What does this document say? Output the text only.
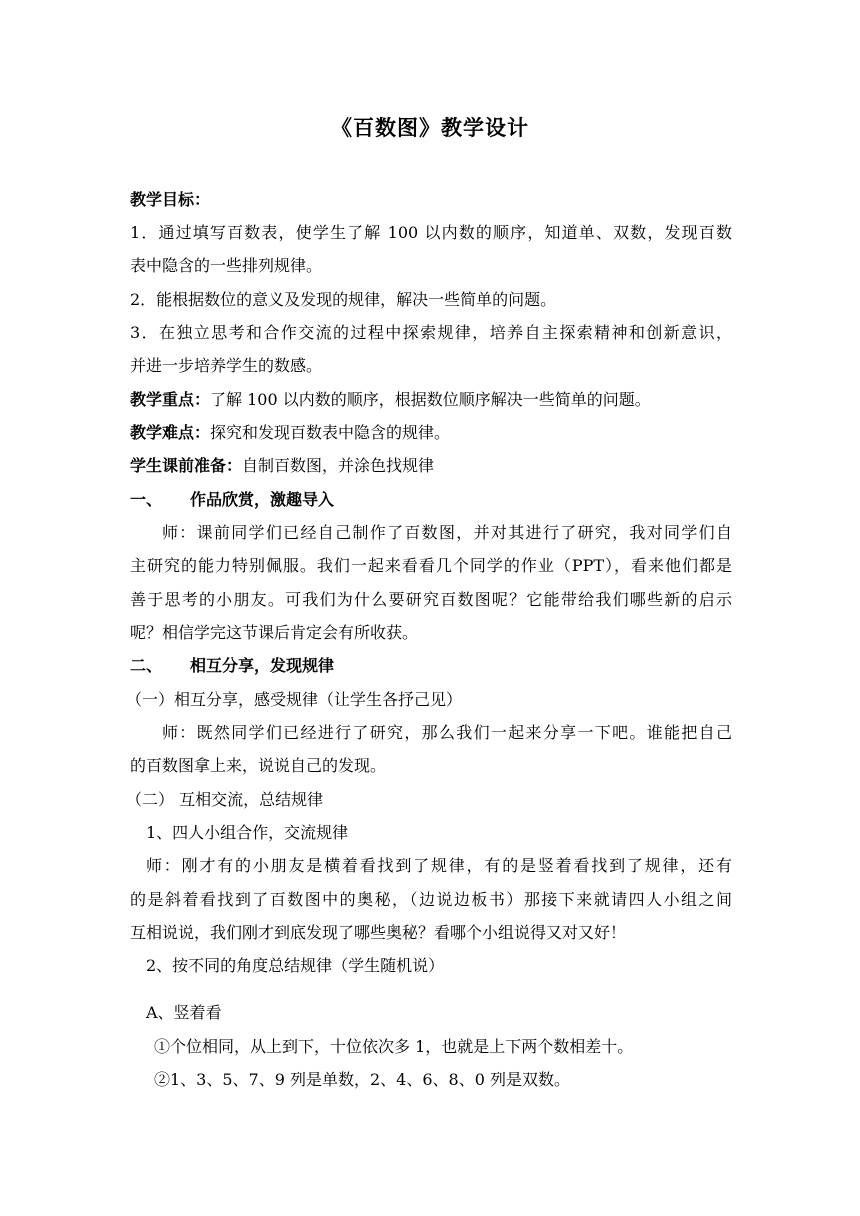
《百数图》教学设计
教学目标：
1．通过填写百数表，使学生了解 100 以内数的顺序，知道单、双数，发现百数
表中隐含的一些排列规律。
2．能根据数位的意义及发现的规律，解决一些简单的问题。
3．在独立思考和合作交流的过程中探索规律，培养自主探索精神和创新意识，
并进一步培养学生的数感。
教学重点：了解 100 以内数的顺序，根据数位顺序解决一些简单的问题。
教学难点：探究和发现百数表中隐含的规律。
学生课前准备：自制百数图，并涂色找规律
一、 作品欣赏，激趣导入
师：课前同学们已经自己制作了百数图，并对其进行了研究，我对同学们自
主研究的能力特别佩服。我们一起来看看几个同学的作业（PPT），看来他们都是
善于思考的小朋友。可我们为什么要研究百数图呢？它能带给我们哪些新的启示
呢？相信学完这节课后肯定会有所收获。
二、 相互分享，发现规律
（一）相互分享，感受规律（让学生各抒己见）
师：既然同学们已经进行了研究，那么我们一起来分享一下吧。谁能把自己
的百数图拿上来，说说自己的发现。
（二） 互相交流，总结规律
1、四人小组合作，交流规律
师：刚才有的小朋友是横着看找到了规律，有的是竖着看找到了规律，还有
的是斜着看找到了百数图中的奥秘，（边说边板书）那接下来就请四人小组之间
互相说说，我们刚才到底发现了哪些奥秘？看哪个小组说得又对又好！
2、按不同的角度总结规律（学生随机说）
A、竖着看
①个位相同，从上到下，十位依次多 1，也就是上下两个数相差十。
②1、3、5、7、9 列是单数，2、4、6、8、0 列是双数。
